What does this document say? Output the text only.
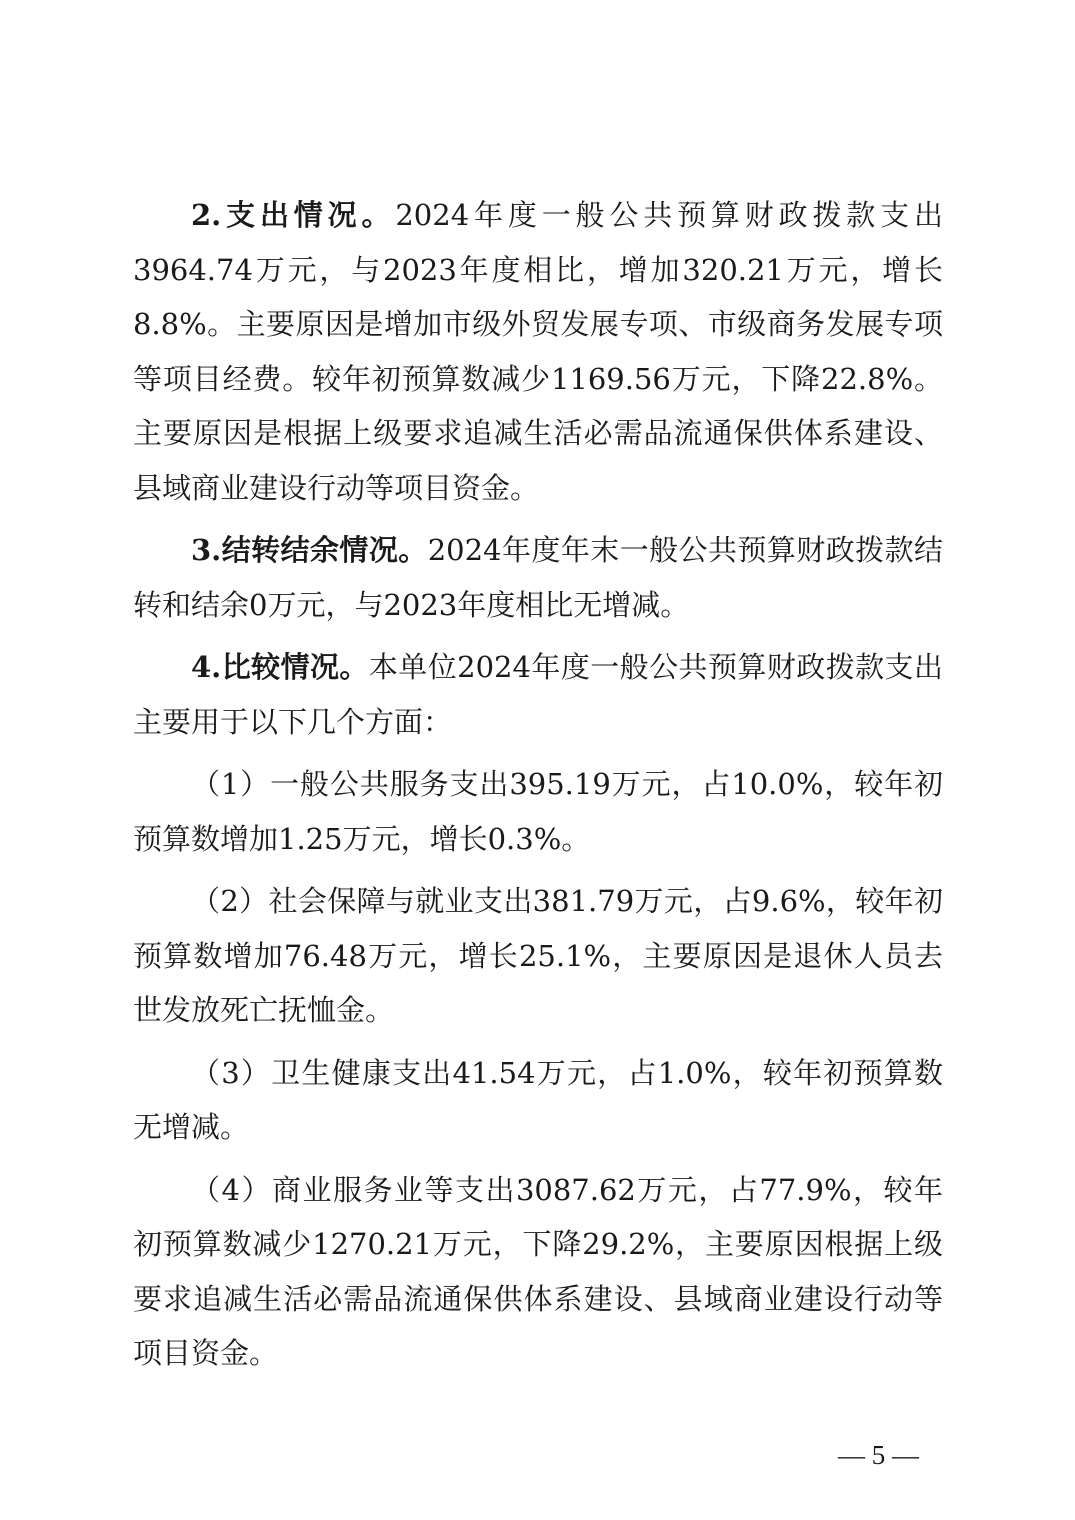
2.支出情况。2024年度一般公共预算财政拨款支出3964.74万元，与2023年度相比，增加320.21万元，增长8.8%。主要原因是增加市级外贸发展专项、市级商务发展专项等项目经费。较年初预算数减少1169.56万元，下降22.8%。主要原因是根据上级要求追减生活必需品流通保供体系建设、县域商业建设行动等项目资金。

3.结转结余情况。2024年度年末一般公共预算财政拨款结转和结余0万元，与2023年度相比无增减。

4.比较情况。本单位2024年度一般公共预算财政拨款支出主要用于以下几个方面：

（1）一般公共服务支出395.19万元，占10.0%，较年初预算数增加1.25万元，增长0.3%。

（2）社会保障与就业支出381.79万元，占9.6%，较年初预算数增加76.48万元，增长25.1%，主要原因是退休人员去世发放死亡抚恤金。

（3）卫生健康支出41.54万元，占1.0%，较年初预算数无增减。

（4）商业服务业等支出3087.62万元，占77.9%，较年初预算数减少1270.21万元，下降29.2%，主要原因根据上级要求追减生活必需品流通保供体系建设、县域商业建设行动等项目资金。

— 5 —
